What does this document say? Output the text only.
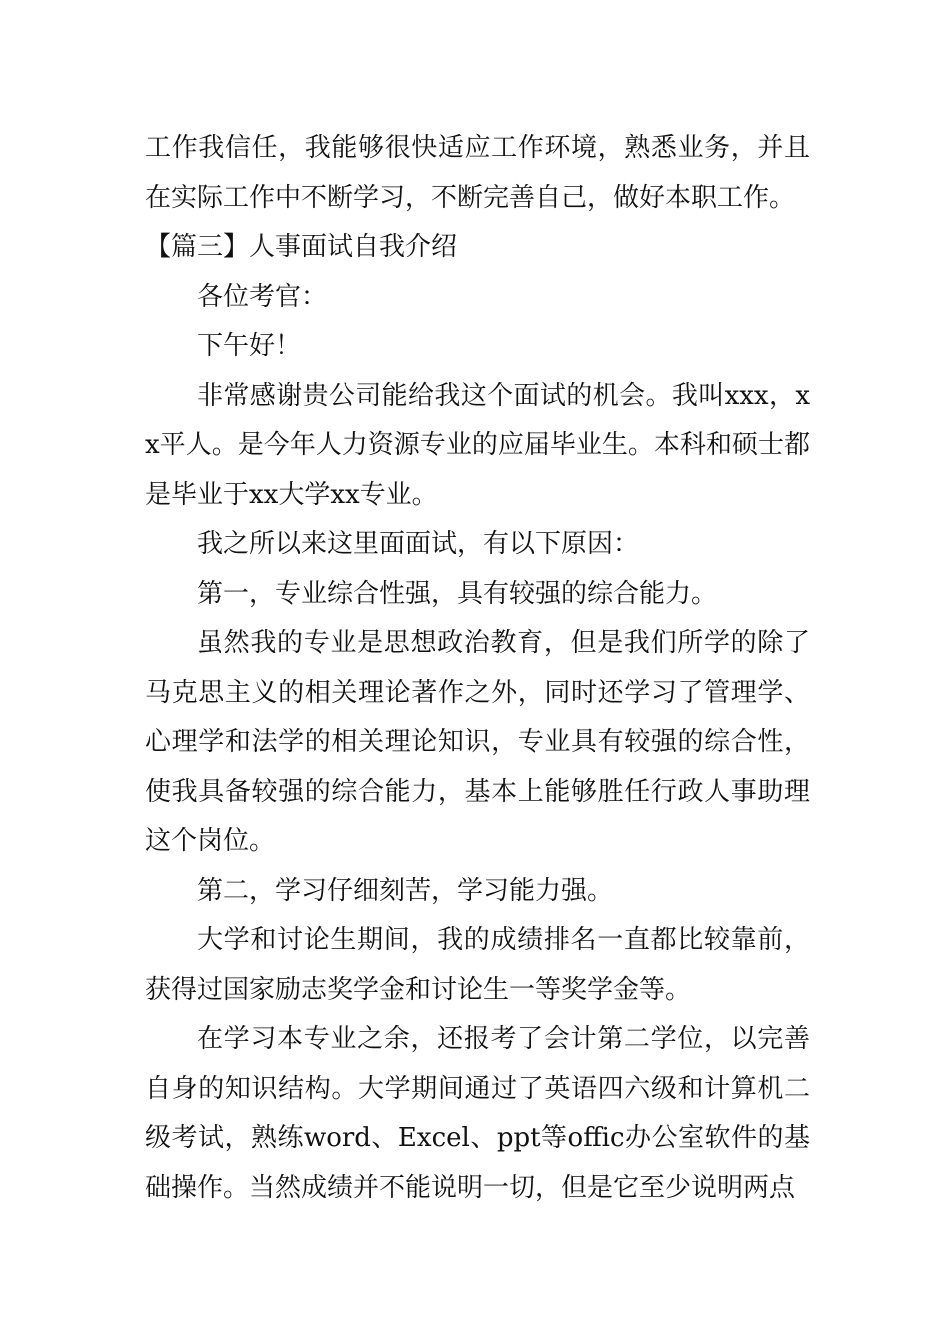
工作我信任，我能够很快适应工作环境，熟悉业务，并且在实际工作中不断学习，不断完善自己，做好本职工作。

【篇三】人事面试自我介绍

各位考官：

下午好！

非常感谢贵公司能给我这个面试的机会。我叫xxx，xx平人。是今年人力资源专业的应届毕业生。本科和硕士都是毕业于xx大学xx专业。

我之所以来这里面面试，有以下原因：

第一，专业综合性强，具有较强的综合能力。

虽然我的专业是思想政治教育，但是我们所学的除了马克思主义的相关理论著作之外，同时还学习了管理学、心理学和法学的相关理论知识，专业具有较强的综合性，使我具备较强的综合能力，基本上能够胜任行政人事助理这个岗位。

第二，学习仔细刻苦，学习能力强。

大学和讨论生期间，我的成绩排名一直都比较靠前，获得过国家励志奖学金和讨论生一等奖学金等。

在学习本专业之余，还报考了会计第二学位，以完善自身的知识结构。大学期间通过了英语四六级和计算机二级考试，熟练word、Excel、ppt等offic办公室软件的基础操作。当然成绩并不能说明一切，但是它至少说明两点
